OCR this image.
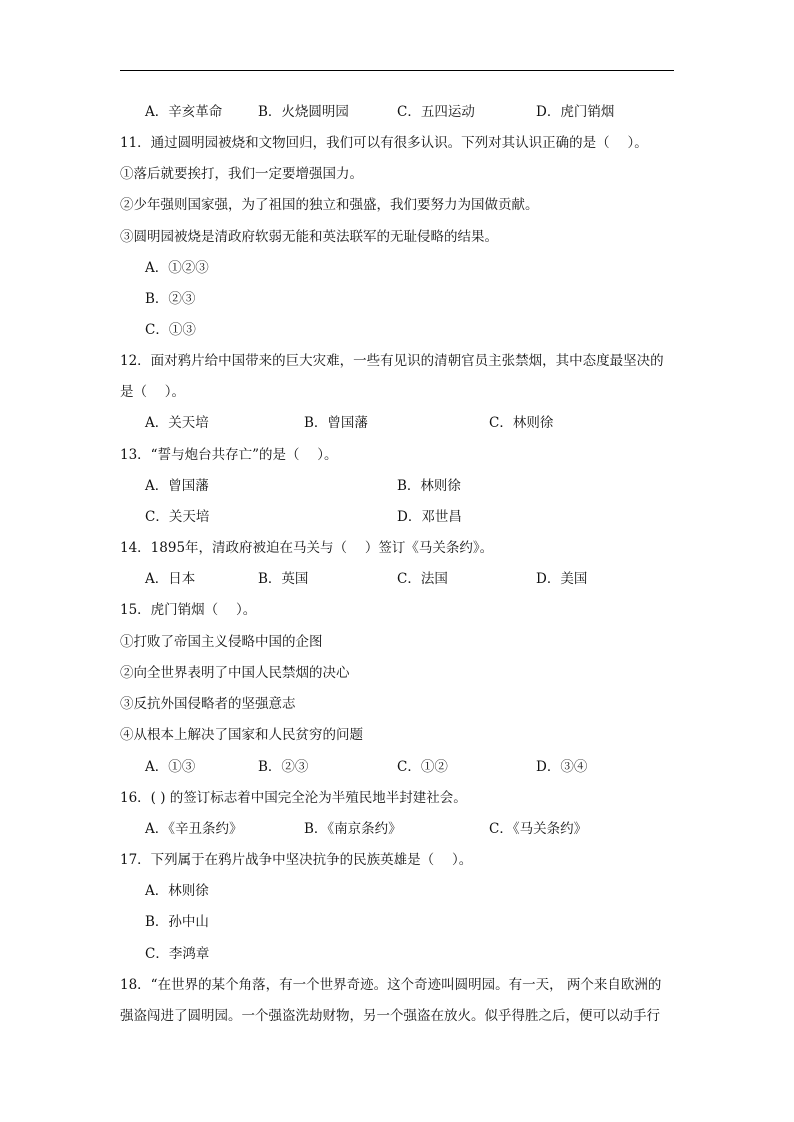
A．辛亥革命	B．火烧圆明园	C．五四运动	D．虎门销烟
11．通过圆明园被烧和文物回归，我们可以有很多认识。下列对其认识正确的是（　 ）。
①落后就要挨打，我们一定要增强国力。
②少年强则国家强，为了祖国的独立和强盛，我们要努力为国做贡献。
③圆明园被烧是清政府软弱无能和英法联军的无耻侵略的结果。
A．①②③
B．②③
C．①③
12．面对鸦片给中国带来的巨大灾难，一些有见识的清朝官员主张禁烟，其中态度最坚决的
是（　 ）。
A．关天培	B．曾国藩	C．林则徐
13．“誓与炮台共存亡”的是（　 ）。
A．曾国藩	B．林则徐
C．关天培	D．邓世昌
14．1895年，清政府被迫在马关与（　 ）签订《马关条约》。
A．日本	B．英国	C．法国	D．美国
15．虎门销烟（　 ）。
①打败了帝国主义侵略中国的企图
②向全世界表明了中国人民禁烟的决心
③反抗外国侵略者的坚强意志
④从根本上解决了国家和人民贫穷的问题
A．①③	B．②③	C．①②	D．③④
16．( ) 的签订标志着中国完全沦为半殖民地半封建社会。
A．《辛丑条约》	B．《南京条约》	C．《马关条约》
17．下列属于在鸦片战争中坚决抗争的民族英雄是（　 ）。
A．林则徐
B．孙中山
C．李鸿章
18．“在世界的某个角落，有一个世界奇迹。这个奇迹叫圆明园。有一天， 两个来自欧洲的
强盗闯进了圆明园。一个强盗洗劫财物，另一个强盗在放火。似乎得胜之后，便可以动手行
